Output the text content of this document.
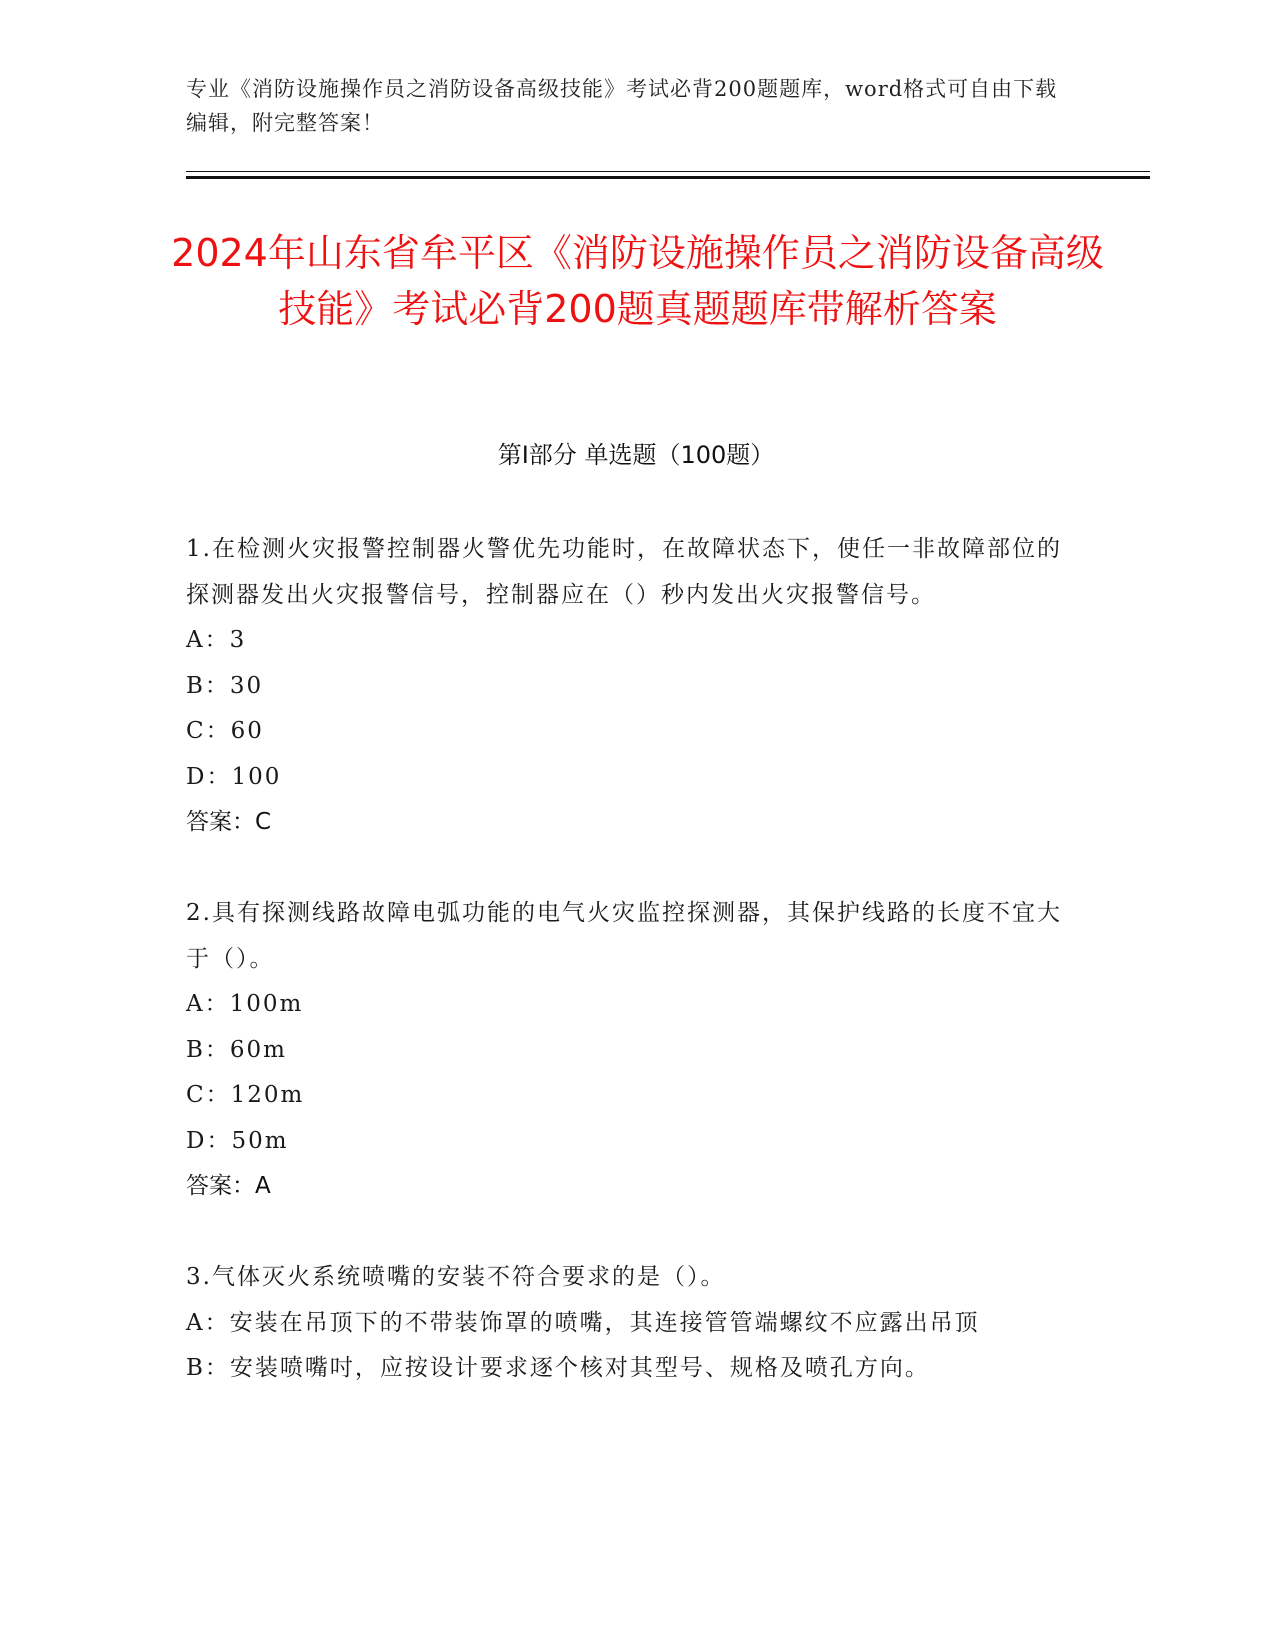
专业《消防设施操作员之消防设备高级技能》考试必背200题题库，word格式可自由下载编辑，附完整答案！
2024年山东省牟平区《消防设施操作员之消防设备高级技能》考试必背200题真题题库带解析答案
第Ⅰ部分 单选题（100题）

1.在检测火灾报警控制器火警优先功能时，在故障状态下，使任一非故障部位的探测器发出火灾报警信号，控制器应在（）秒内发出火灾报警信号。

A：3

B：30

C：60

D：100

答案：C

2.具有探测线路故障电弧功能的电气火灾监控探测器，其保护线路的长度不宜大于（）。

A：100m

B：60m

C：120m

D：50m

答案：A

3.气体灭火系统喷嘴的安装不符合要求的是（）。

A：安装在吊顶下的不带装饰罩的喷嘴，其连接管管端螺纹不应露出吊顶

B：安装喷嘴吋，应按设计要求逐个核对其型号、规格及喷孔方向。
